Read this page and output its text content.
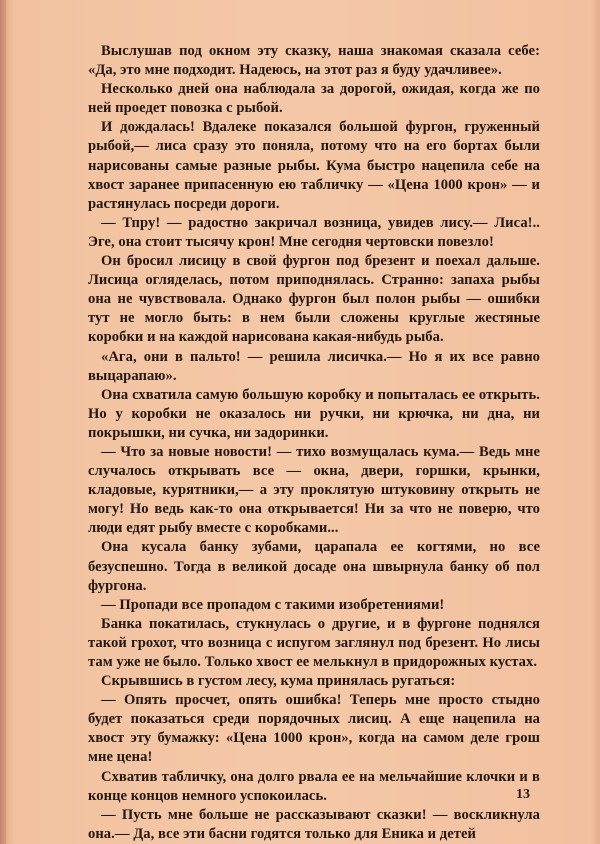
Выслушав под окном эту сказку, наша знакомая сказала себе: «Да, это мне подходит. Надеюсь, на этот раз я буду удачливее».

Несколько дней она наблюдала за дорогой, ожидая, когда же по ней проедет повозка с рыбой.

И дождалась! Вдалеке показался большой фургон, груженный рыбой,— лиса сразу это поняла, потому что на его бортах были нарисованы самые разные рыбы. Кума быстро нацепила себе на хвост заранее припасенную ею табличку — «Цена 1000 крон» — и растянулась посреди дороги.

— Тпру! — радостно закричал возница, увидев лису.— Лиса!.. Эге, она стоит тысячу крон! Мне сегодня чертовски повезло!

Он бросил лисицу в свой фургон под брезент и поехал дальше. Лисица огляделась, потом приподнялась. Странно: запаха рыбы она не чувствовала. Однако фургон был полон рыбы — ошибки тут не могло быть: в нем были сложены круглые жестяные коробки и на каждой нарисована какая-нибудь рыба.

«Ага, они в пальто! — решила лисичка.— Но я их все равно выцарапаю».

Она схватила самую большую коробку и попыталась ее открыть. Но у коробки не оказалось ни ручки, ни крючка, ни дна, ни покрышки, ни сучка, ни задоринки.

— Что за новые новости! — тихо возмущалась кума.— Ведь мне случалось открывать все — окна, двери, горшки, крынки, кладовые, курятники,— а эту проклятую штуковину открыть не могу! Но ведь как-то она открывается! Ни за что не поверю, что люди едят рыбу вместе с коробками...

Она кусала банку зубами, царапала ее когтями, но все безуспешно. Тогда в великой досаде она швырнула банку об пол фургона.

— Пропади все пропадом с такими изобретениями!

Банка покатилась, стукнулась о другие, и в фургоне поднялся такой грохот, что возница с испугом заглянул под брезент. Но лисы там уже не было. Только хвост ее мелькнул в придорожных кустах.

Скрывшись в густом лесу, кума принялась ругаться:

— Опять просчет, опять ошибка! Теперь мне просто стыдно будет показаться среди порядочных лисиц. А еще нацепила на хвост эту бумажку: «Цена 1000 крон», когда на самом деле грош мне цена!

Схватив табличку, она долго рвала ее на мельчайшие клочки и в конце концов немного успокоилась.

— Пусть мне больше не рассказывают сказки! — воскликнула она.— Да, все эти басни годятся только для Еника и детей

13
